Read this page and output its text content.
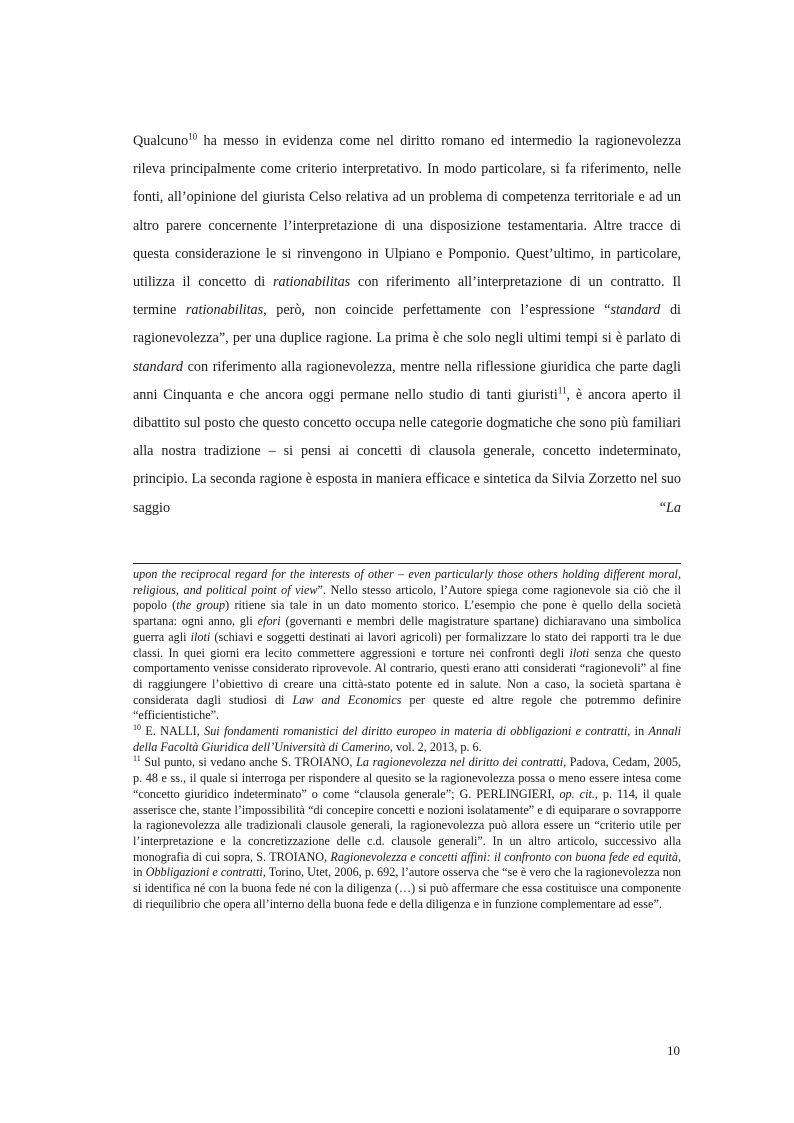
Qualcuno$^{10}$ ha messo in evidenza come nel diritto romano ed intermedio la ragionevolezza rileva principalmente come criterio interpretativo. In modo particolare, si fa riferimento, nelle fonti, all’opinione del giurista Celso relativa ad un problema di competenza territoriale e ad un altro parere concernente l’interpretazione di una disposizione testamentaria. Altre tracce di questa considerazione le si rinvengono in Ulpiano e Pomponio. Quest’ultimo, in particolare, utilizza il concetto di rationabilitas con riferimento all’interpretazione di un contratto. Il termine rationabilitas, però, non coincide perfettamente con l’espressione “standard di ragionevolezza”, per una duplice ragione. La prima è che solo negli ultimi tempi si è parlato di standard con riferimento alla ragionevolezza, mentre nella riflessione giuridica che parte dagli anni Cinquanta e che ancora oggi permane nello studio di tanti giuristi$^{11}$, è ancora aperto il dibattito sul posto che questo concetto occupa nelle categorie dogmatiche che sono più familiari alla nostra tradizione – si pensi ai concetti di clausola generale, concetto indeterminato, principio. La seconda ragione è esposta in maniera efficace e sintetica da Silvia Zorzetto nel suo saggio “La

upon the reciprocal regard for the interests of other – even particularly those others holding different moral, religious, and political point of view”. Nello stesso articolo, l’Autore spiega come ragionevole sia ciò che il popolo (the group) ritiene sia tale in un dato momento storico. L’esempio che pone è quello della società spartana: ogni anno, gli efori (governanti e membri delle magistrature spartane) dichiaravano una simbolica guerra agli iloti (schiavi e soggetti destinati ai lavori agricoli) per formalizzare lo stato dei rapporti tra le due classi. In quei giorni era lecito commettere aggressioni e torture nei confronti degli iloti senza che questo comportamento venisse considerato riprovevole. Al contrario, questi erano atti considerati “ragionevoli” al fine di raggiungere l’obiettivo di creare una città-stato potente ed in salute. Non a caso, la società spartana è considerata dagli studiosi di Law and Economics per queste ed altre regole che potremmo definire “efficientistiche”.

$^{10}$ E. NALLI, Sui fondamenti romanistici del diritto europeo in materia di obbligazioni e contratti, in Annali della Facoltà Giuridica dell’Università di Camerino, vol. 2, 2013, p. 6.

$^{11}$ Sul punto, si vedano anche S. TROIANO, La ragionevolezza nel diritto dei contratti, Padova, Cedam, 2005, p. 48 e ss., il quale si interroga per rispondere al quesito se la ragionevolezza possa o meno essere intesa come “concetto giuridico indeterminato” o come “clausola generale”; G. PERLINGIERI, op. cit., p. 114, il quale asserisce che, stante l’impossibilità “di concepire concetti e nozioni isolatamente” e di equiparare o sovrapporre la ragionevolezza alle tradizionali clausole generali, la ragionevolezza può allora essere un “criterio utile per l’interpretazione e la concretizzazione delle c.d. clausole generali”. In un altro articolo, successivo alla monografia di cui sopra, S. TROIANO, Ragionevolezza e concetti affini: il confronto con buona fede ed equità, in Obbligazioni e contratti, Torino, Utet, 2006, p. 692, l’autore osserva che “se è vero che la ragionevolezza non si identifica né con la buona fede né con la diligenza (…) si può affermare che essa costituisce una componente di riequilibrio che opera all’interno della buona fede e della diligenza e in funzione complementare ad esse”.

10
